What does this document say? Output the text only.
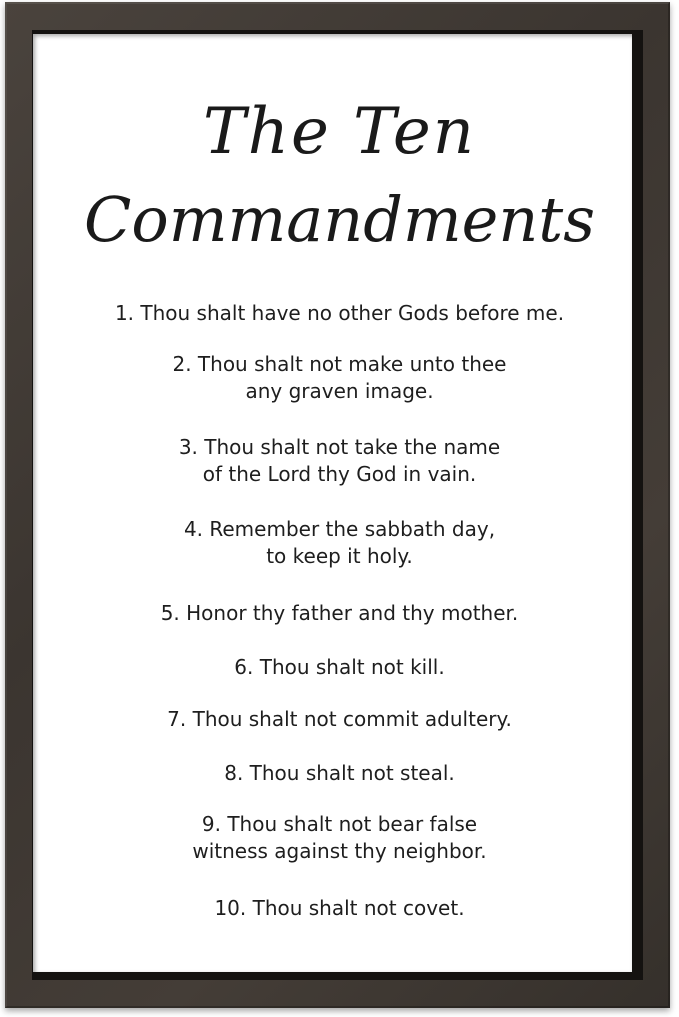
The Ten
Commandments
1. Thou shalt have no other Gods before me.
2. Thou shalt not make unto thee
any graven image.
3. Thou shalt not take the name
of the Lord thy God in vain.
4. Remember the sabbath day,
to keep it holy.
5. Honor thy father and thy mother.
6. Thou shalt not kill.
7. Thou shalt not commit adultery.
8. Thou shalt not steal.
9. Thou shalt not bear false
witness against thy neighbor.
10. Thou shalt not covet.
